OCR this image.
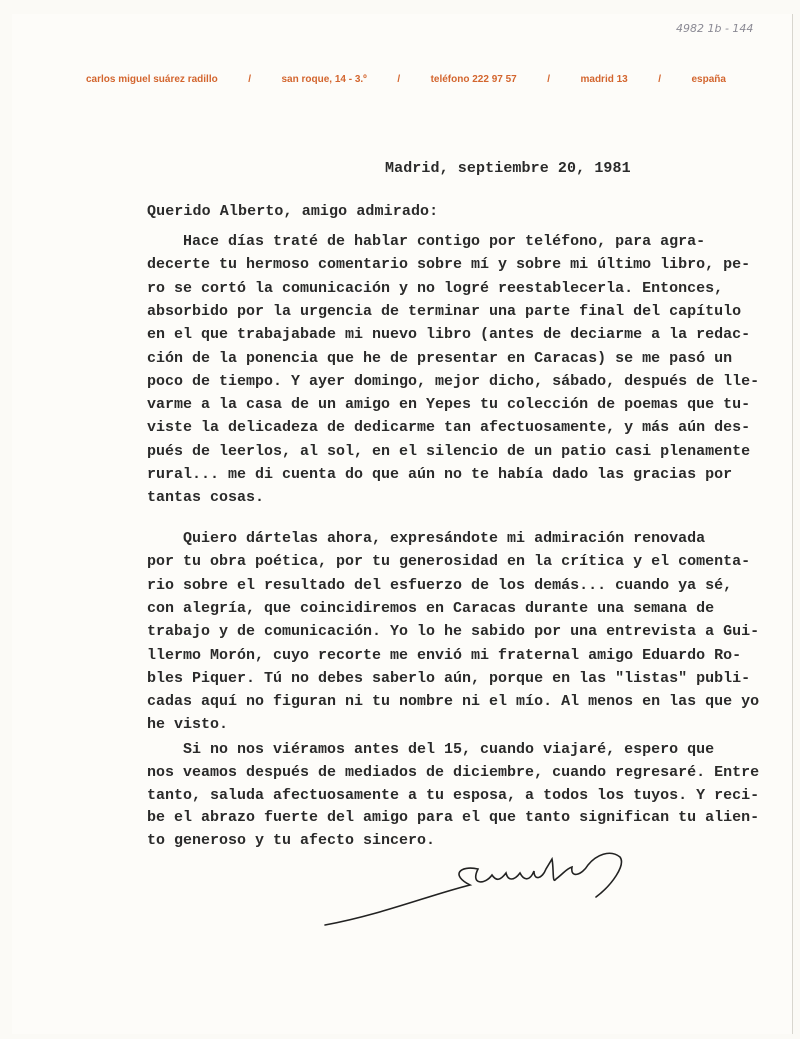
4982 1b - 144
carlos miguel suárez radillo	/	san roque, 14 - 3.º	/	teléfono 222 97 57	/	madrid 13	/	españa
Madrid, septiembre 20, 1981
Querido Alberto, amigo admirado:
Hace días traté de hablar contigo por teléfono, para agra-
decerte tu hermoso comentario sobre mí y sobre mi último libro, pe-
ro se cortó la comunicación y no logré reestablecerla. Entonces,
absorbido por la urgencia de terminar una parte final del capítulo
en el que trabajabade mi nuevo libro (antes de deciarme a la redac-
ción de la ponencia que he de presentar en Caracas) se me pasó un
poco de tiempo. Y ayer domingo, mejor dicho, sábado, después de lle-
varme a la casa de un amigo en Yepes tu colección de poemas que tu-
viste la delicadeza de dedicarme tan afectuosamente, y más aún des-
pués de leerlos, al sol, en el silencio de un patio casi plenamente
rural... me di cuenta do que aún no te había dado las gracias por
tantas cosas.
Quiero dártelas ahora, expresándote mi admiración renovada
por tu obra poética, por tu generosidad en la crítica y el comenta-
rio sobre el resultado del esfuerzo de los demás... cuando ya sé,
con alegría, que coincidiremos en Caracas durante una semana de
trabajo y de comunicación. Yo lo he sabido por una entrevista a Gui-
llermo Morón, cuyo recorte me envió mi fraternal amigo Eduardo Ro-
bles Piquer. Tú no debes saberlo aún, porque en las "listas" publi-
cadas aquí no figuran ni tu nombre ni el mío. Al menos en las que yo
he visto.
Si no nos viéramos antes del 15, cuando viajaré, espero que
nos veamos después de mediados de diciembre, cuando regresaré. Entre
tanto, saluda afectuosamente a tu esposa, a todos los tuyos. Y reci-
be el abrazo fuerte del amigo para el que tanto significan tu alien-
to generoso y tu afecto sincero.
